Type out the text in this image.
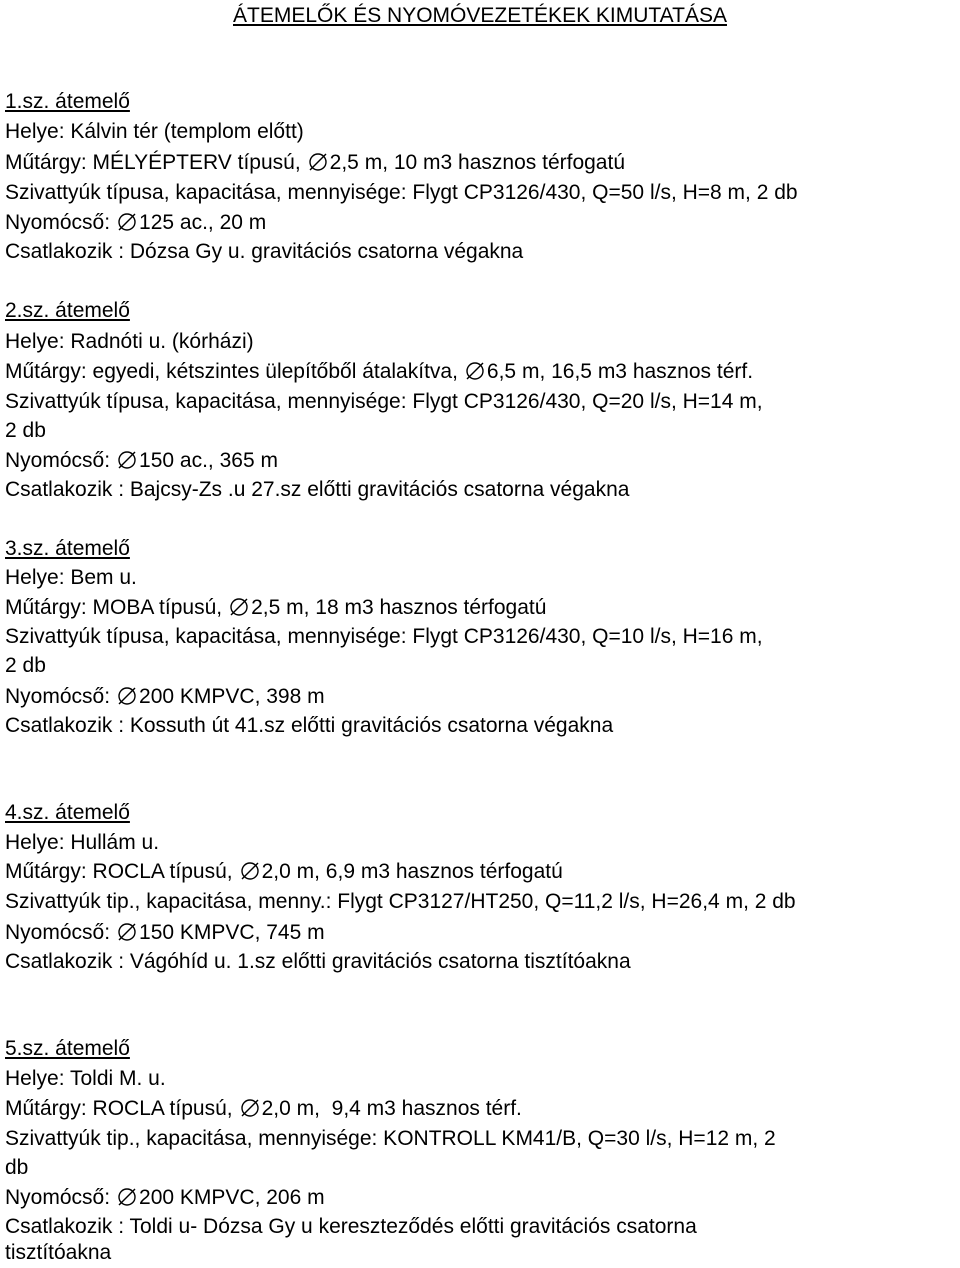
ÁTEMELŐK ÉS NYOMÓVEZETÉKEK KIMUTATÁSA
1.sz. átemelő
Helye: Kálvin tér (templom előtt)
Műtárgy: MÉLYÉPTERV típusú, 2,5 m, 10 m3 hasznos térfogatú
Szivattyúk típusa, kapacitása, mennyisége: Flygt CP3126/430, Q=50 l/s, H=8 m, 2 db
Nyomócső: 125 ac., 20 m
Csatlakozik : Dózsa Gy u. gravitációs csatorna végakna
2.sz. átemelő
Helye: Radnóti u. (kórházi)
Műtárgy: egyedi, kétszintes ülepítőből átalakítva, 6,5 m, 16,5 m3 hasznos térf.
Szivattyúk típusa, kapacitása, mennyisége: Flygt CP3126/430, Q=20 l/s, H=14 m,
2 db
Nyomócső: 150 ac., 365 m
Csatlakozik : Bajcsy-Zs .u 27.sz előtti gravitációs csatorna végakna
3.sz. átemelő
Helye: Bem u.
Műtárgy: MOBA típusú, 2,5 m, 18 m3 hasznos térfogatú
Szivattyúk típusa, kapacitása, mennyisége: Flygt CP3126/430, Q=10 l/s, H=16 m,
2 db
Nyomócső: 200 KMPVC, 398 m
Csatlakozik : Kossuth út 41.sz előtti gravitációs csatorna végakna
4.sz. átemelő
Helye: Hullám u.
Műtárgy: ROCLA típusú, 2,0 m, 6,9 m3 hasznos térfogatú
Szivattyúk tip., kapacitása, menny.: Flygt CP3127/HT250, Q=11,2 l/s, H=26,4 m, 2 db
Nyomócső: 150 KMPVC, 745 m
Csatlakozik : Vágóhíd u. 1.sz előtti gravitációs csatorna tisztítóakna
5.sz. átemelő
Helye: Toldi M. u.
Műtárgy: ROCLA típusú, 2,0 m,  9,4 m3 hasznos térf.
Szivattyúk tip., kapacitása, mennyisége: KONTROLL KM41/B, Q=30 l/s, H=12 m, 2
db
Nyomócső: 200 KMPVC, 206 m
Csatlakozik : Toldi u- Dózsa Gy u kereszteződés előtti gravitációs csatorna
tisztítóakna
